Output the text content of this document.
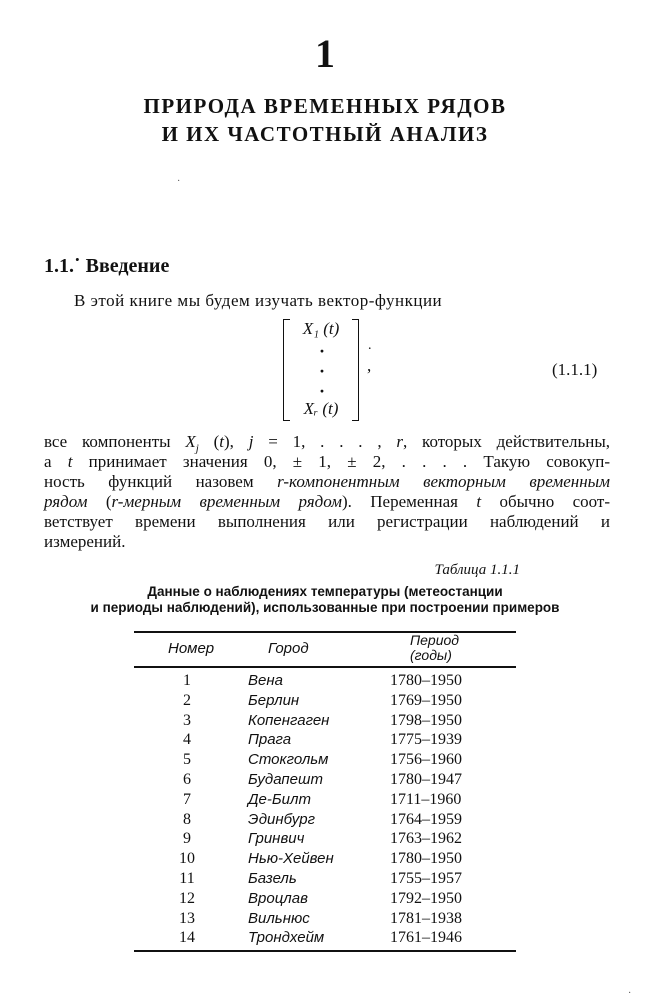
1
ПРИРОДА ВРЕМЕННЫХ РЯДОВ
И ИХ ЧАСТОТНЫЙ АНАЛИЗ
·
1.1.˙ Введение
В этой книге мы будем изучать вектор-функции
X₁ (t)
·
·
·
Xᵣ (t)
.
,	(1.1.1)
все компоненты $X_j$ (t), j = 1, . . . , r, которых действительны,
а t принимает значения 0, ± 1, ± 2, . . . . Такую совокуп-
ность функций назовем r-компонентным векторным временным
рядом (r-мерным временным рядом). Переменная t обычно соот-
ветствует времени выполнения или регистрации наблюдений и
измерений.
Таблица 1.1.1
Данные о наблюдениях температуры (метеостанции
и периоды наблюдений), использованные при построении примеров
Номер	Город	Период
(годы)
1	Вена	1780–1950
2	Берлин	1769–1950
3	Копенгаген	1798–1950
4	Прага	1775–1939
5	Стокгольм	1756–1960
6	Будапешт	1780–1947
7	Де-Билт	1711–1960
8	Эдинбург	1764–1959
9	Гринвич	1763–1962
10	Нью-Хейвен	1780–1950
11	Базель	1755–1957
12	Вроцлав	1792–1950
13	Вильнюс	1781–1938
14	Трондхейм	1761–1946
·
